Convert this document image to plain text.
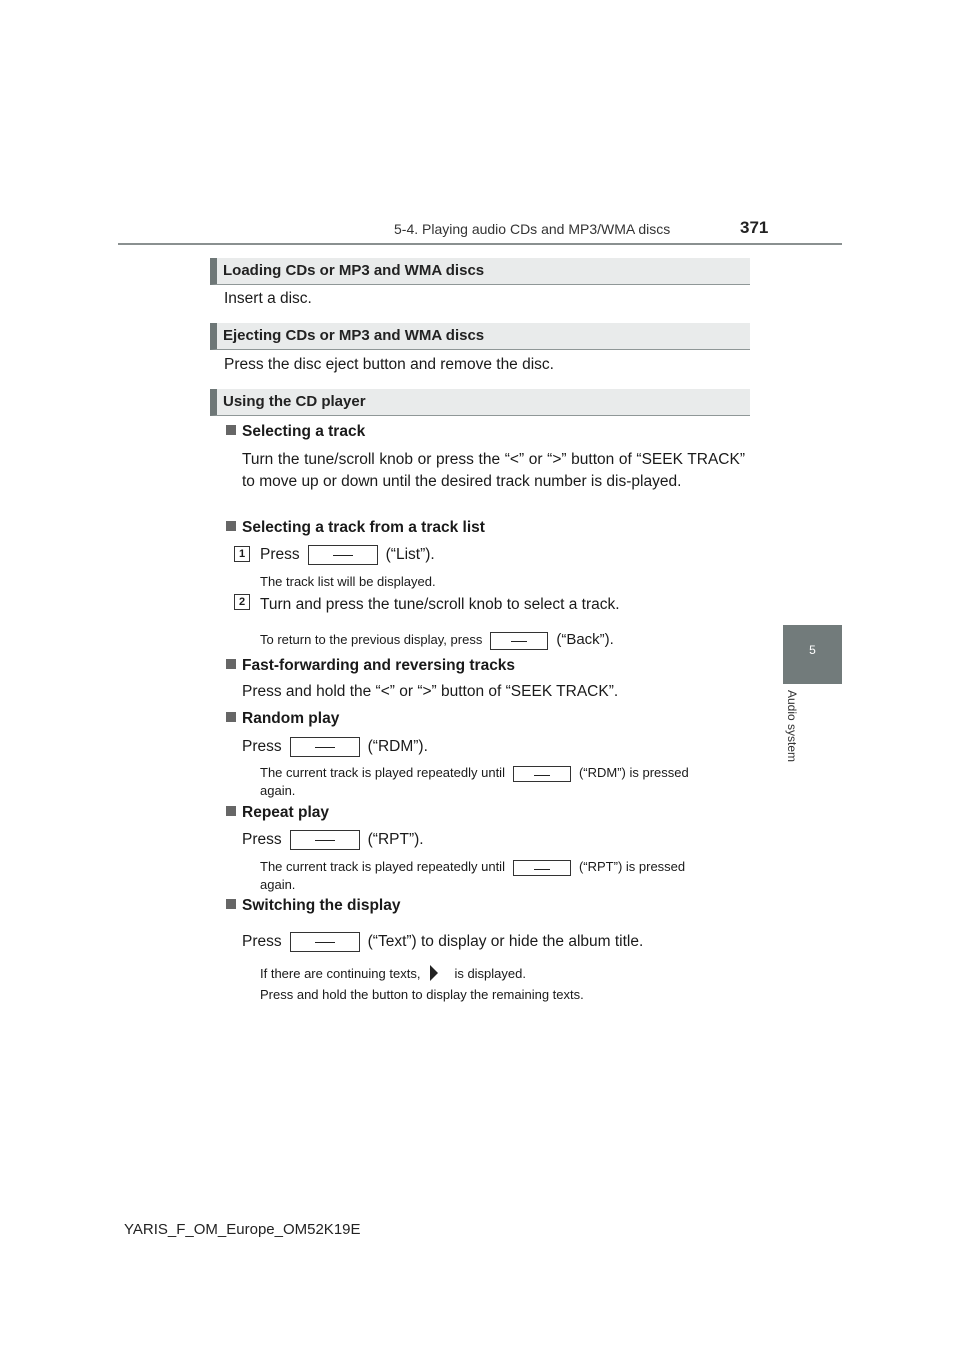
5-4. Playing audio CDs and MP3/WMA discs	371
5
Audio system
Loading CDs or MP3 and WMA discs
Insert a disc.
Ejecting CDs or MP3 and WMA discs
Press the disc eject button and remove the disc.
Using the CD player
Selecting a track
Turn the tune/scroll knob or press the “<” or “>” button of “SEEK TRACK” to move up or down until the desired track number is dis-played.
Selecting a track from a track list
1 Press	(“List”).
The track list will be displayed.
2 Turn and press the tune/scroll knob to select a track.
To return to the previous display, press	(“Back”).
Fast-forwarding and reversing tracks
Press and hold the “<” or “>” button of “SEEK TRACK”.
Random play
Press	(“RDM”).
The current track is played repeatedly until	(“RDM”) is pressed
again.
Repeat play
Press	(“RPT”).
The current track is played repeatedly until	(“RPT”) is pressed
again.
Switching the display
Press	(“Text”) to display or hide the album title.
If there are continuing texts,	is displayed.
Press and hold the button to display the remaining texts.
YARIS_F_OM_Europe_OM52K19E
